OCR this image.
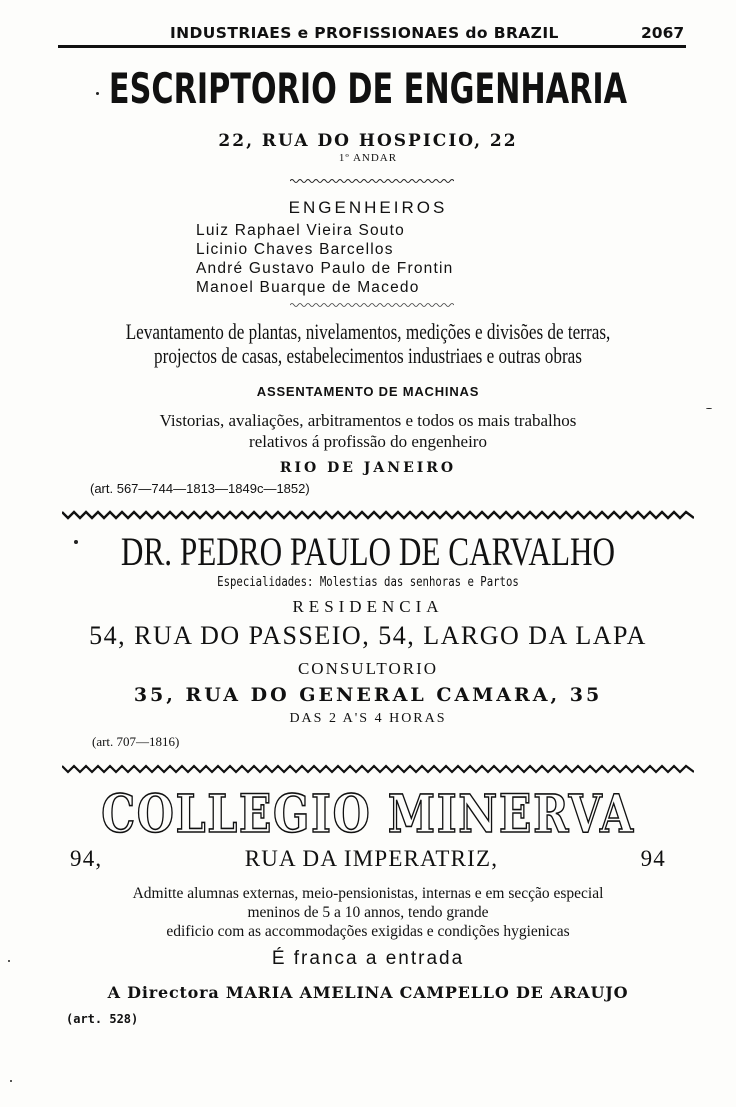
INDUSTRIAES e PROFISSIONAES do BRAZIL	2067
ESCRIPTORIO DE ENGENHARIA
22, RUA DO HOSPICIO, 22
1º ANDAR
ENGENHEIROS
Luiz Raphael Vieira Souto
Licinio Chaves Barcellos
André Gustavo Paulo de Frontin
Manoel Buarque de Macedo
Levantamento de plantas, nivelamentos, medições e divisões de terras,
projectos de casas, estabelecimentos industriaes e outras obras
ASSENTAMENTO DE MACHINAS
Vistorias, avaliações, arbitramentos e todos os mais trabalhos
relativos á profissão do engenheiro
RIO DE JANEIRO
(art. 567—744—1813—1849c—1852)
DR. PEDRO PAULO DE CARVALHO
Especialidades: Molestias das senhoras e Partos
RESIDENCIA
54, RUA DO PASSEIO, 54, LARGO DA LAPA
CONSULTORIO
35, RUA DO GENERAL CAMARA, 35
DAS 2 A'S 4 HORAS
(art. 707—1816)
COLLEGIO MINERVA
94,	RUA DA IMPERATRIZ,	94
Admitte alumnas externas, meio-pensionistas, internas e em secção especial
meninos de 5 a 10 annos, tendo grande
edificio com as accommodações exigidas e condições hygienicas
É franca a entrada
A Directora MARIA AMELINA CAMPELLO DE ARAUJO
(art. 528)
